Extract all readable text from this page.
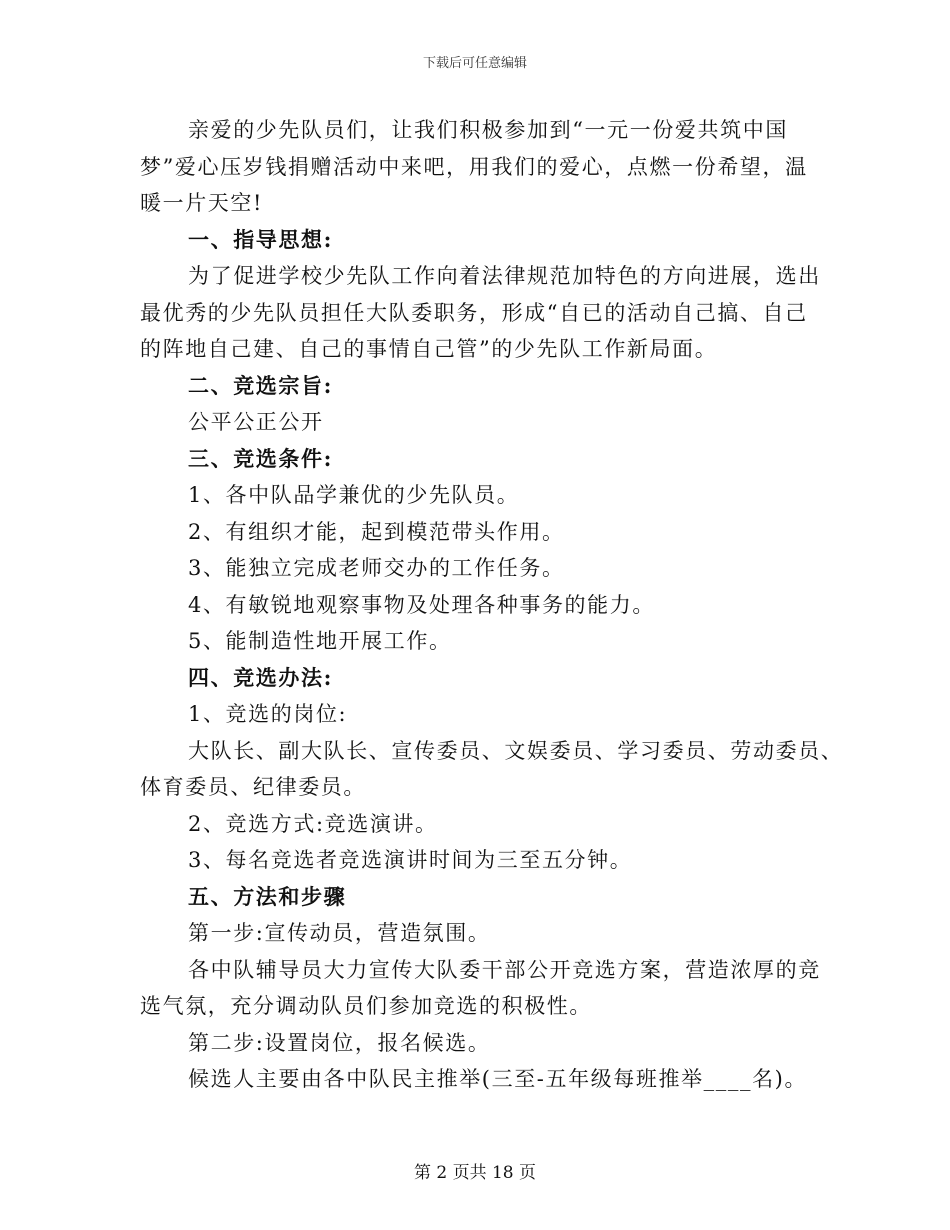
下载后可任意编辑

亲爱的少先队员们，让我们积极参加到“一元一份爱共筑中国

梦”爱心压岁钱捐赠活动中来吧，用我们的爱心，点燃一份希望，温

暖一片天空!

一、指导思想:

为了促进学校少先队工作向着法律规范加特色的方向进展，选出

最优秀的少先队员担任大队委职务，形成“自已的活动自己搞、自己

的阵地自己建、自己的事情自己管”的少先队工作新局面。

二、竞选宗旨:

公平公正公开

三、竞选条件:

1、各中队品学兼优的少先队员。

2、有组织才能，起到模范带头作用。

3、能独立完成老师交办的工作任务。

4、有敏锐地观察事物及处理各种事务的能力。

5、能制造性地开展工作。

四、竞选办法:

1、竞选的岗位:

大队长、副大队长、宣传委员、文娱委员、学习委员、劳动委员、

体育委员、纪律委员。

2、竞选方式:竞选演讲。

3、每名竞选者竞选演讲时间为三至五分钟。

五、方法和步骤

第一步:宣传动员，营造氛围。

各中队辅导员大力宣传大队委干部公开竞选方案，营造浓厚的竞

选气氛，充分调动队员们参加竞选的积极性。

第二步:设置岗位，报名候选。

候选人主要由各中队民主推举(三至-五年级每班推举____名)。

第 2 页共 18 页
